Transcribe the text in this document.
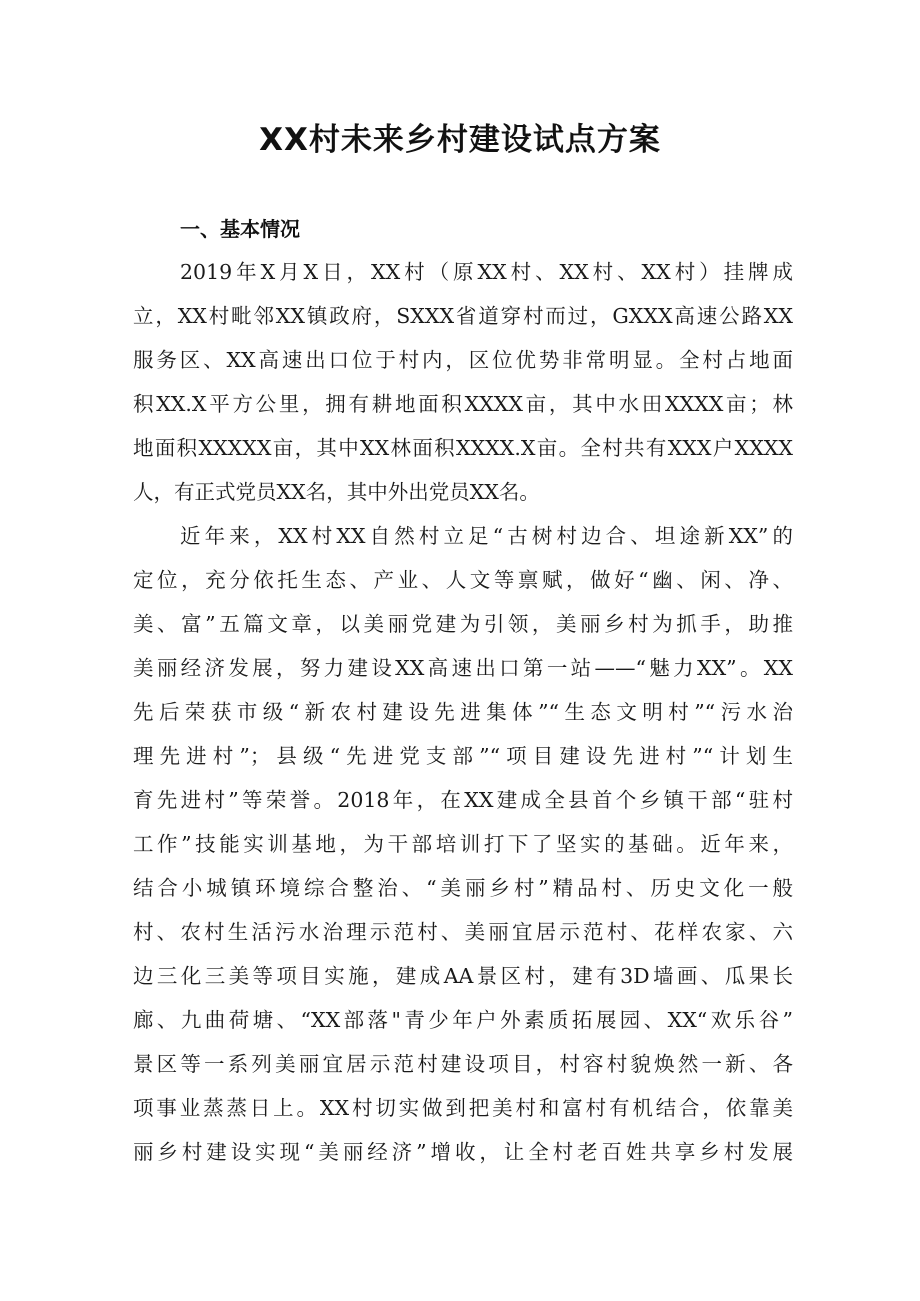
XX村未来乡村建设试点方案
一、基本情况
2019年X月X日，XX村（原XX村、XX村、XX村）挂牌成
立，XX村毗邻XX镇政府，SXXX省道穿村而过，GXXX高速公路XX
服务区、XX高速出口位于村内，区位优势非常明显。全村占地面
积XX.X平方公里，拥有耕地面积XXXX亩，其中水田XXXX亩；林
地面积XXXXX亩，其中XX林面积XXXX.X亩。全村共有XXX户XXXX
人，有正式党员XX名，其中外出党员XX名。
近年来，XX村XX自然村立足“古树村边合、坦途新XX”的
定位，充分依托生态、产业、人文等禀赋，做好“幽、闲、净、
美、富”五篇文章，以美丽党建为引领，美丽乡村为抓手，助推
美丽经济发展，努力建设XX高速出口第一站——“魅力XX”。XX
先后荣获市级“新农村建设先进集体”“生态文明村”“污水治
理先进村”；县级“先进党支部”“项目建设先进村”“计划生
育先进村”等荣誉。2018年，在XX建成全县首个乡镇干部“驻村
工作”技能实训基地，为干部培训打下了坚实的基础。近年来，
结合小城镇环境综合整治、“美丽乡村”精品村、历史文化一般
村、农村生活污水治理示范村、美丽宜居示范村、花样农家、六
边三化三美等项目实施，建成AA景区村，建有3D墙画、瓜果长
廊、九曲荷塘、“XX部落"青少年户外素质拓展园、XX“欢乐谷”
景区等一系列美丽宜居示范村建设项目，村容村貌焕然一新、各
项事业蒸蒸日上。XX村切实做到把美村和富村有机结合，依靠美
丽乡村建设实现“美丽经济”增收，让全村老百姓共享乡村发展
